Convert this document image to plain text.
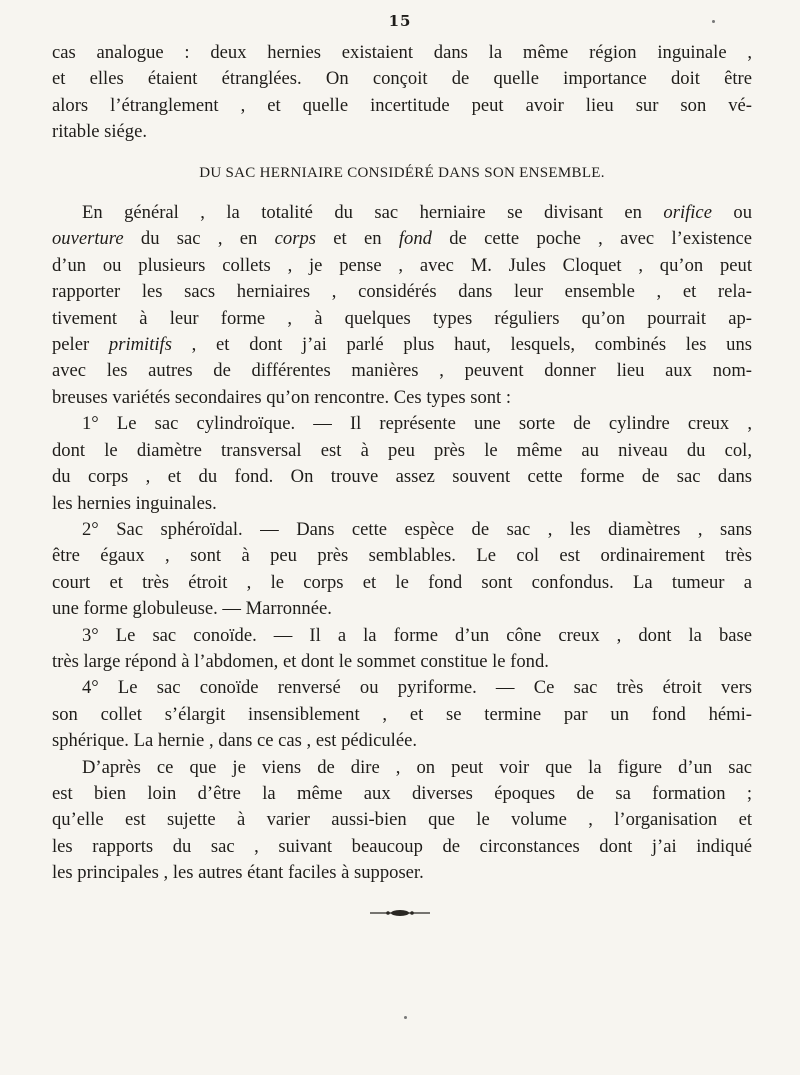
15
cas analogue : deux hernies existaient dans la même région inguinale ,
et elles étaient étranglées. On conçoit de quelle importance doit être
alors l’étranglement , et quelle incertitude peut avoir lieu sur son vé-
ritable siége.
DU SAC HERNIAIRE CONSIDÉRÉ DANS SON ENSEMBLE.
En général , la totalité du sac herniaire se divisant en orifice ou
ouverture du sac , en corps et en fond de cette poche , avec l’existence
d’un ou plusieurs collets , je pense , avec M. Jules Cloquet , qu’on peut
rapporter les sacs herniaires , considérés dans leur ensemble , et rela-
tivement à leur forme , à quelques types réguliers qu’on pourrait ap-
peler primitifs , et dont j’ai parlé plus haut, lesquels, combinés les uns
avec les autres de différentes manières , peuvent donner lieu aux nom-
breuses variétés secondaires qu’on rencontre. Ces types sont :
1° Le sac cylindroïque. — Il représente une sorte de cylindre creux ,
dont le diamètre transversal est à peu près le même au niveau du col,
du corps , et du fond. On trouve assez souvent cette forme de sac dans
les hernies inguinales.
2° Sac sphéroïdal. — Dans cette espèce de sac , les diamètres , sans
être égaux , sont à peu près semblables. Le col est ordinairement très
court et très étroit , le corps et le fond sont confondus. La tumeur a
une forme globuleuse. — Marronnée.
3° Le sac conoïde. — Il a la forme d’un cône creux , dont la base
très large répond à l’abdomen, et dont le sommet constitue le fond.
4° Le sac conoïde renversé ou pyriforme. — Ce sac très étroit vers
son collet s’élargit insensiblement , et se termine par un fond hémi-
sphérique. La hernie , dans ce cas , est pédiculée.
D’après ce que je viens de dire , on peut voir que la figure d’un sac
est bien loin d’être la même aux diverses époques de sa formation ;
qu’elle est sujette à varier aussi-bien que le volume , l’organisation et
les rapports du sac , suivant beaucoup de circonstances dont j’ai indiqué
les principales , les autres étant faciles à supposer.
